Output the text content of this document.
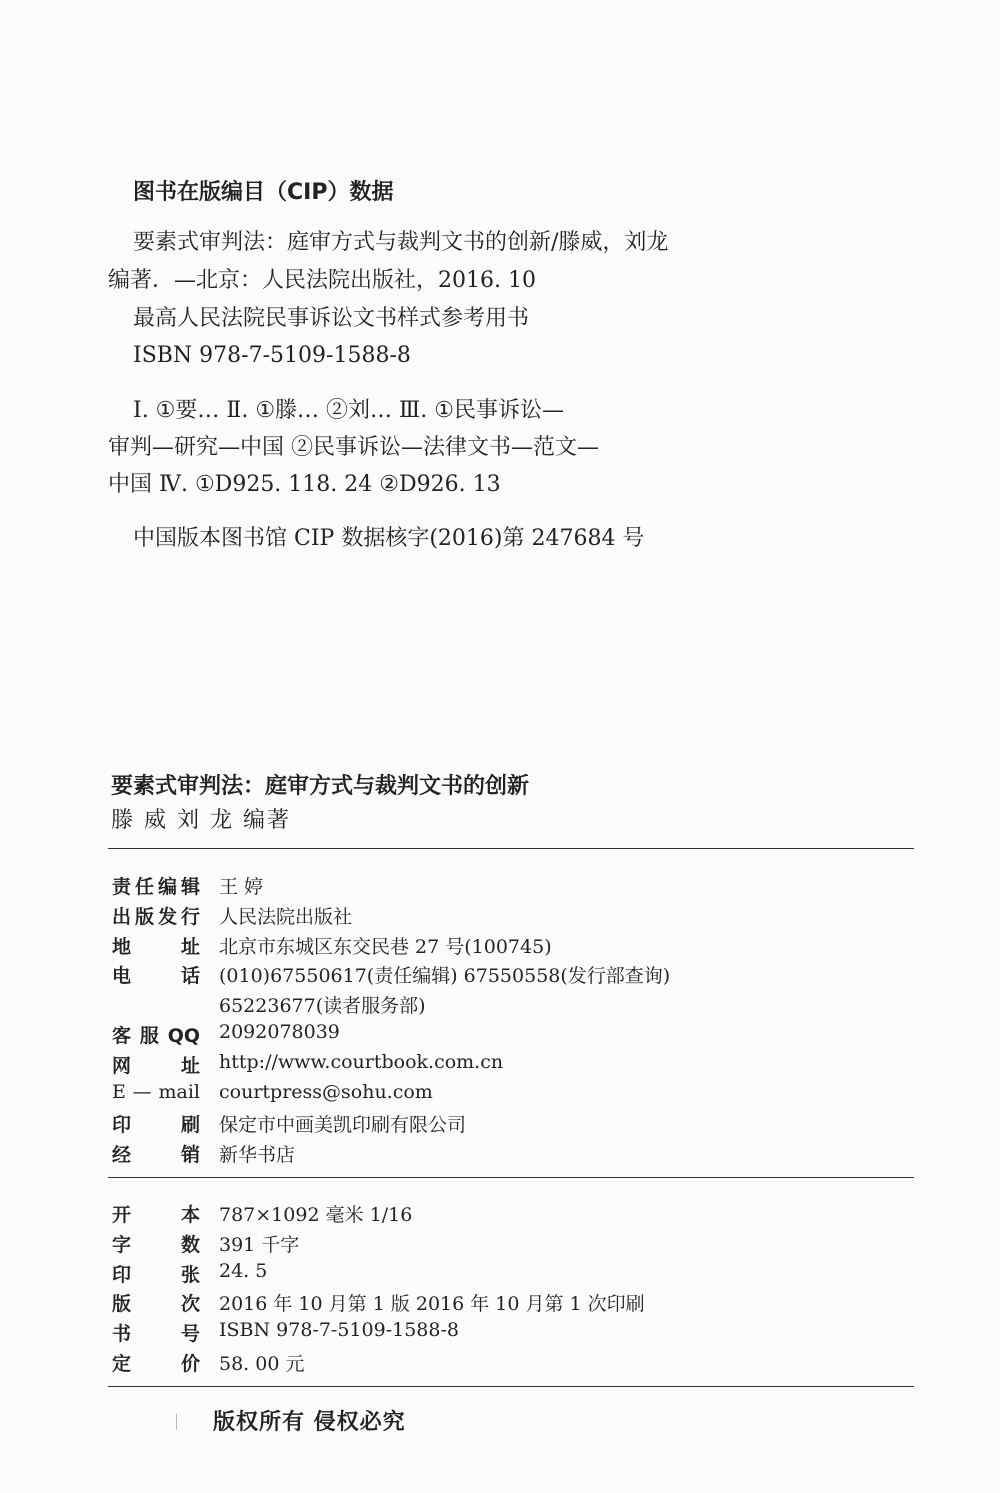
图书在版编目（CIP）数据
要素式审判法：庭审方式与裁判文书的创新/滕威，刘龙
编著．—北京：人民法院出版社，2016. 10
最高人民法院民事诉讼文书样式参考用书
ISBN 978-7-5109-1588-8
Ⅰ. ①要… Ⅱ. ①滕… ②刘… Ⅲ. ①民事诉讼—
审判—研究—中国 ②民事诉讼—法律文书—范文—
中国 Ⅳ. ①D925. 118. 24 ②D926. 13
中国版本图书馆 CIP 数据核字(2016)第 247684 号
要素式审判法：庭审方式与裁判文书的创新
滕 威 刘 龙 编著
责任编辑 王 婷
出版发行 人民法院出版社
地址 北京市东城区东交民巷 27 号(100745)
电话 (010)67550617(责任编辑) 67550558(发行部查询)
65223677(读者服务部)
客服QQ 2092078039
网址 http://www.courtbook.com.cn
E — mail courtpress@sohu.com
印刷 保定市中画美凯印刷有限公司
经销 新华书店
开本 787×1092 毫米 1/16
字数 391 千字
印张 24. 5
版次 2016 年 10 月第 1 版 2016 年 10 月第 1 次印刷
书号 ISBN 978-7-5109-1588-8
定价 58. 00 元
版权所有 侵权必究
